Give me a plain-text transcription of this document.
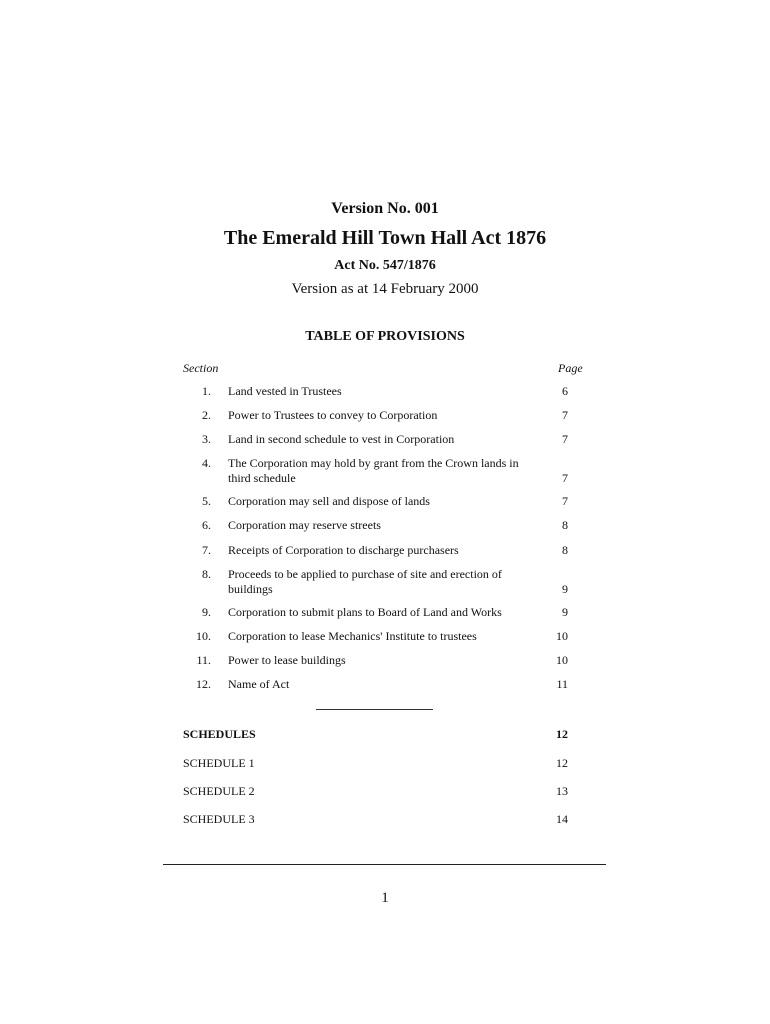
Version No. 001
The Emerald Hill Town Hall Act 1876
Act No. 547/1876
Version as at 14 February 2000
TABLE OF PROVISIONS
Section	Page
1. Land vested in Trustees	6
2. Power to Trustees to convey to Corporation	7
3. Land in second schedule to vest in Corporation	7
4. The Corporation may hold by grant from the Crown lands in
third schedule	7
5. Corporation may sell and dispose of lands	7
6. Corporation may reserve streets	8
7. Receipts of Corporation to discharge purchasers	8
8. Proceeds to be applied to purchase of site and erection of
buildings	9
9. Corporation to submit plans to Board of Land and Works	9
10. Corporation to lease Mechanics' Institute to trustees	10
11. Power to lease buildings	10
12. Name of Act	11
SCHEDULES	12
SCHEDULE 1	12
SCHEDULE 2	13
SCHEDULE 3	14
1
